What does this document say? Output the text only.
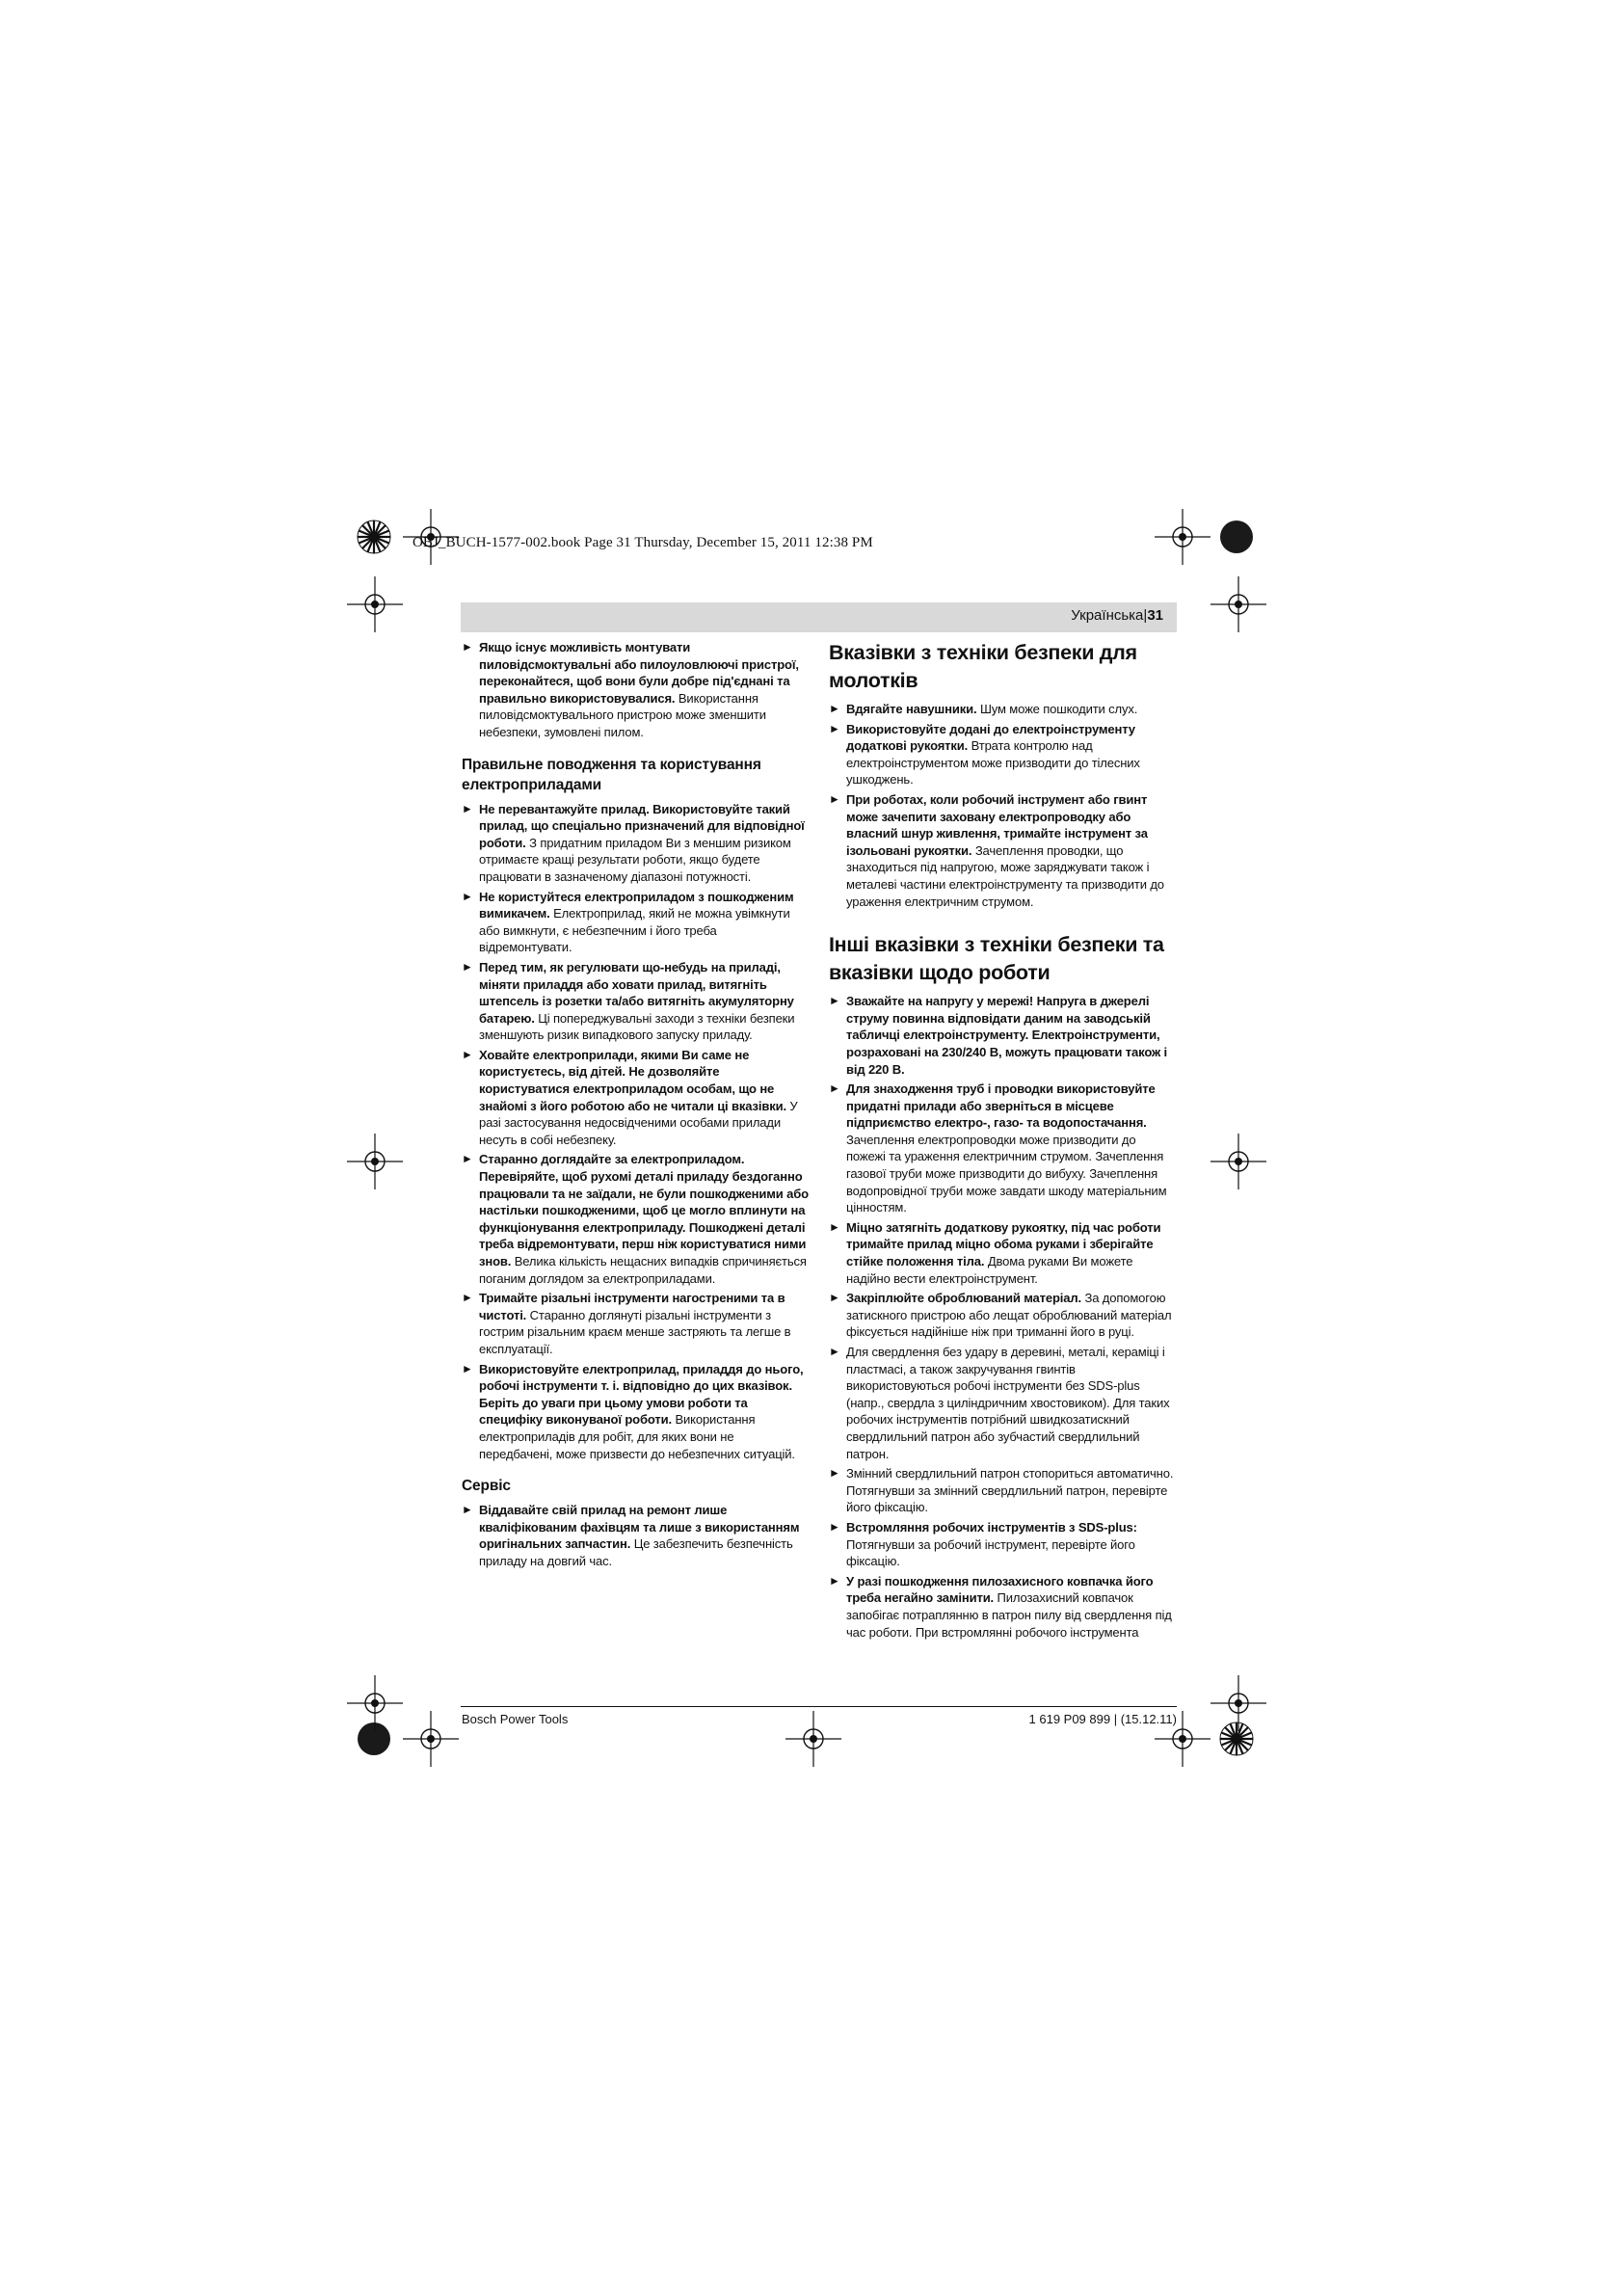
OBJ_BUCH-1577-002.book Page 31 Thursday, December 15, 2011 12:38 PM
Українська|31
► Якщо існує можливість монтувати пиловідсмоктувальні або пилоуловлюючі пристрої, переконайтеся, щоб вони були добре під'єднані та правильно використовувалися. Використання пиловідсмоктувального пристрою може зменшити небезпеки, зумовлені пилом.
Правильне поводження та користування електроприладами
► Не перевантажуйте прилад. Використовуйте такий прилад, що спеціально призначений для відповідної роботи. З придатним приладом Ви з меншим ризиком отримаєте кращі результати роботи, якщо будете працювати в зазначеному діапазоні потужності.
► Не користуйтеся електроприладом з пошкодженим вимикачем. Електроприлад, який не можна увімкнути або вимкнути, є небезпечним і його треба відремонтувати.
► Перед тим, як регулювати що-небудь на приладі, міняти приладдя або ховати прилад, витягніть штепсель із розетки та/або витягніть акумуляторну батарею. Ці попереджувальні заходи з техніки безпеки зменшують ризик випадкового запуску приладу.
► Ховайте електроприлади, якими Ви саме не користуєтесь, від дітей. Не дозволяйте користуватися електроприладом особам, що не знайомі з його роботою або не читали ці вказівки. У разі застосування недосвідченими особами прилади несуть в собі небезпеку.
► Старанно доглядайте за електроприладом. Перевіряйте, щоб рухомі деталі приладу бездоганно працювали та не заїдали, не були пошкодженими або настільки пошкодженими, щоб це могло вплинути на функціонування електроприладу. Пошкоджені деталі треба відремонтувати, перш ніж користуватися ними знов. Велика кількість нещасних випадків спричиняється поганим доглядом за електроприладами.
► Тримайте різальні інструменти нагостреними та в чистоті. Старанно доглянуті різальні інструменти з гострим різальним краєм менше застряють та легше в експлуатації.
► Використовуйте електроприлад, приладдя до нього, робочі інструменти т. і. відповідно до цих вказівок. Беріть до уваги при цьому умови роботи та специфіку виконуваної роботи. Використання електроприладів для робіт, для яких вони не передбачені, може призвести до небезпечних ситуацій.
Сервіс
► Віддавайте свій прилад на ремонт лише кваліфікованим фахівцям та лише з використанням оригінальних запчастин. Це забезпечить безпечність приладу на довгий час.
Вказівки з техніки безпеки для молотків
► Вдягайте навушники. Шум може пошкодити слух.
► Використовуйте додані до електроінструменту додаткові рукоятки. Втрата контролю над електроінструментом може призводити до тілесних ушкоджень.
► При роботах, коли робочий інструмент або гвинт може зачепити заховану електропроводку або власний шнур живлення, тримайте інструмент за ізольовані рукоятки. Зачеплення проводки, що знаходиться під напругою, може заряджувати також і металеві частини електроінструменту та призводити до ураження електричним струмом.
Інші вказівки з техніки безпеки та вказівки щодо роботи
► Зважайте на напругу у мережі! Напруга в джерелі струму повинна відповідати даним на заводській табличці електроінструменту. Електроінструменти, розраховані на 230/240 В, можуть працювати також і від 220 В.
► Для знаходження труб і проводки використовуйте придатні прилади або зверніться в місцеве підприємство електро-, газо- та водопостачання. Зачеплення електропроводки може призводити до пожежі та ураження електричним струмом. Зачеплення газової труби може призводити до вибуху. Зачеплення водопровідної труби може завдати шкоду матеріальним цінностям.
► Міцно затягніть додаткову рукоятку, під час роботи тримайте прилад міцно обома руками і зберігайте стійке положення тіла. Двома руками Ви можете надійно вести електроінструмент.
► Закріплюйте оброблюваний матеріал. За допомогою затискного пристрою або лещат оброблюваний матеріал фіксується надійніше ніж при триманні його в руці.
► Для свердлення без удару в деревині, металі, кераміці і пластмасі, а також закручування гвинтів використовуються робочі інструменти без SDS-plus (напр., свердла з циліндричним хвостовиком). Для таких робочих інструментів потрібний швидкозатискний свердлильний патрон або зубчастий свердлильний патрон.
► Змінний свердлильний патрон стопориться автоматично. Потягнувши за змінний свердлильний патрон, перевірте його фіксацію.
► Встромляння робочих інструментів з SDS-plus: Потягнувши за робочий інструмент, перевірте його фіксацію.
► У разі пошкодження пилозахисного ковпачка його треба негайно замінити. Пилозахисний ковпачок запобігає потраплянню в патрон пилу від свердлення під час роботи. При встромлянні робочого інструмента
Bosch Power Tools	1 619 P09 899 | (15.12.11)
